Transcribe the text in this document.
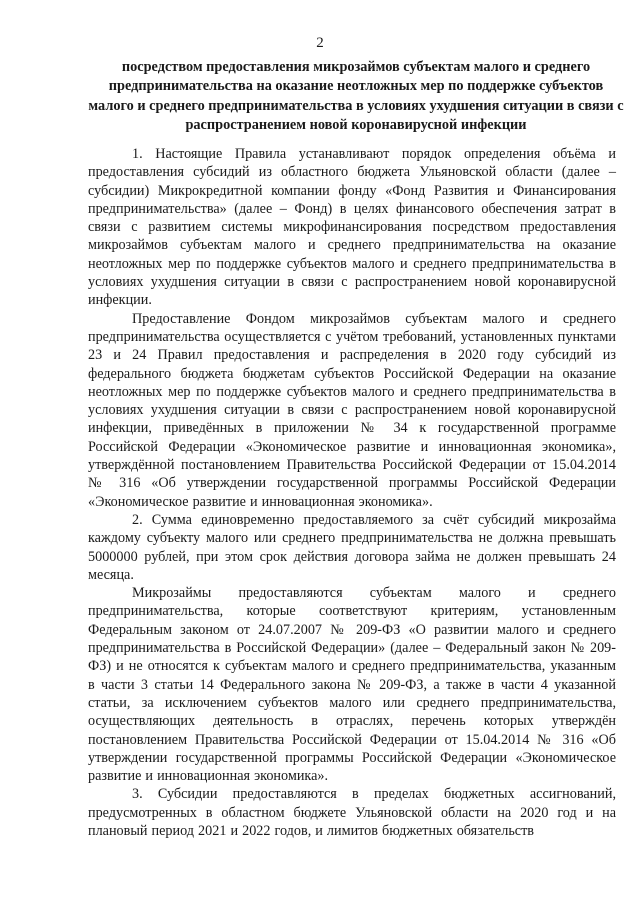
2
посредством предоставления микрозаймов субъектам малого и среднего предпринимательства на оказание неотложных мер по поддержке субъектов малого и среднего предпринимательства в условиях ухудшения ситуации в связи с распространением новой коронавирусной инфекции

1. Настоящие Правила устанавливают порядок определения объёма и предоставления субсидий из областного бюджета Ульяновской области (далее – субсидии) Микрокредитной компании фонду «Фонд Развития и Финансирования предпринимательства» (далее – Фонд) в целях финансового обеспечения затрат в связи с развитием системы микрофинансирования посредством предоставления микрозаймов субъектам малого и среднего предпринимательства на оказание неотложных мер по поддержке субъектов малого и среднего предпринимательства в условиях ухудшения ситуации в связи с распространением новой коронавирусной инфекции.

Предоставление Фондом микрозаймов субъектам малого и среднего предпринимательства осуществляется с учётом требований, установленных пунктами 23 и 24 Правил предоставления и распределения в 2020 году субсидий из федерального бюджета бюджетам субъектов Российской Федерации на оказание неотложных мер по поддержке субъектов малого и среднего предпринимательства в условиях ухудшения ситуации в связи с распространением новой коронавирусной инфекции, приведённых в приложении № 34 к государственной программе Российской Федерации «Экономическое развитие и инновационная экономика», утверждённой постановлением Правительства Российской Федерации от 15.04.2014 № 316 «Об утверждении государственной программы Российской Федерации «Экономическое развитие и инновационная экономика».

2. Сумма единовременно предоставляемого за счёт субсидий микрозайма каждому субъекту малого или среднего предпринимательства не должна превышать 5000000 рублей, при этом срок действия договора займа не должен превышать 24 месяца.

Микрозаймы предоставляются субъектам малого и среднего предпринимательства, которые соответствуют критериям, установленным Федеральным законом от 24.07.2007 № 209-ФЗ «О развитии малого и среднего предпринимательства в Российской Федерации» (далее – Федеральный закон № 209-ФЗ) и не относятся к субъектам малого и среднего предпринимательства, указанным в части 3 статьи 14 Федерального закона № 209-ФЗ, а также в части 4 указанной статьи, за исключением субъектов малого или среднего предпринимательства, осуществляющих деятельность в отраслях, перечень которых утверждён постановлением Правительства Российской Федерации от 15.04.2014 № 316 «Об утверждении государственной программы Российской Федерации «Экономическое развитие и инновационная экономика».

3. Субсидии предоставляются в пределах бюджетных ассигнований, предусмотренных в областном бюджете Ульяновской области на 2020 год и на плановый период 2021 и 2022 годов, и лимитов бюджетных обязательств
